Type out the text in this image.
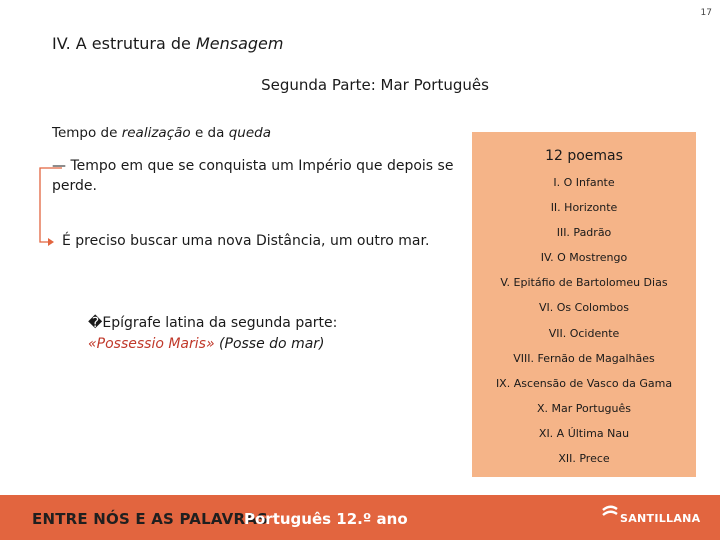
17
IV. A estrutura de Mensagem
Segunda Parte: Mar Português
Tempo de realização e da queda
— Tempo em que se conquista um Império que depois se perde.
É preciso buscar uma nova Distância, um outro mar.
�Epígrafe latina da segunda parte:
«Possessio Maris» (Posse do mar)
12 poemas
I. O Infante
II. Horizonte
III. Padrão
IV. O Mostrengo
V. Epitáfio de Bartolomeu Dias
VI. Os Colombos
VII. Ocidente
VIII. Fernão de Magalhães
IX. Ascensão de Vasco da Gama
X. Mar Português
XI. A Última Nau
XII. Prece
ENTRE NÓS E AS PALAVRAS
Português 12.º ano	SANTILLANA
